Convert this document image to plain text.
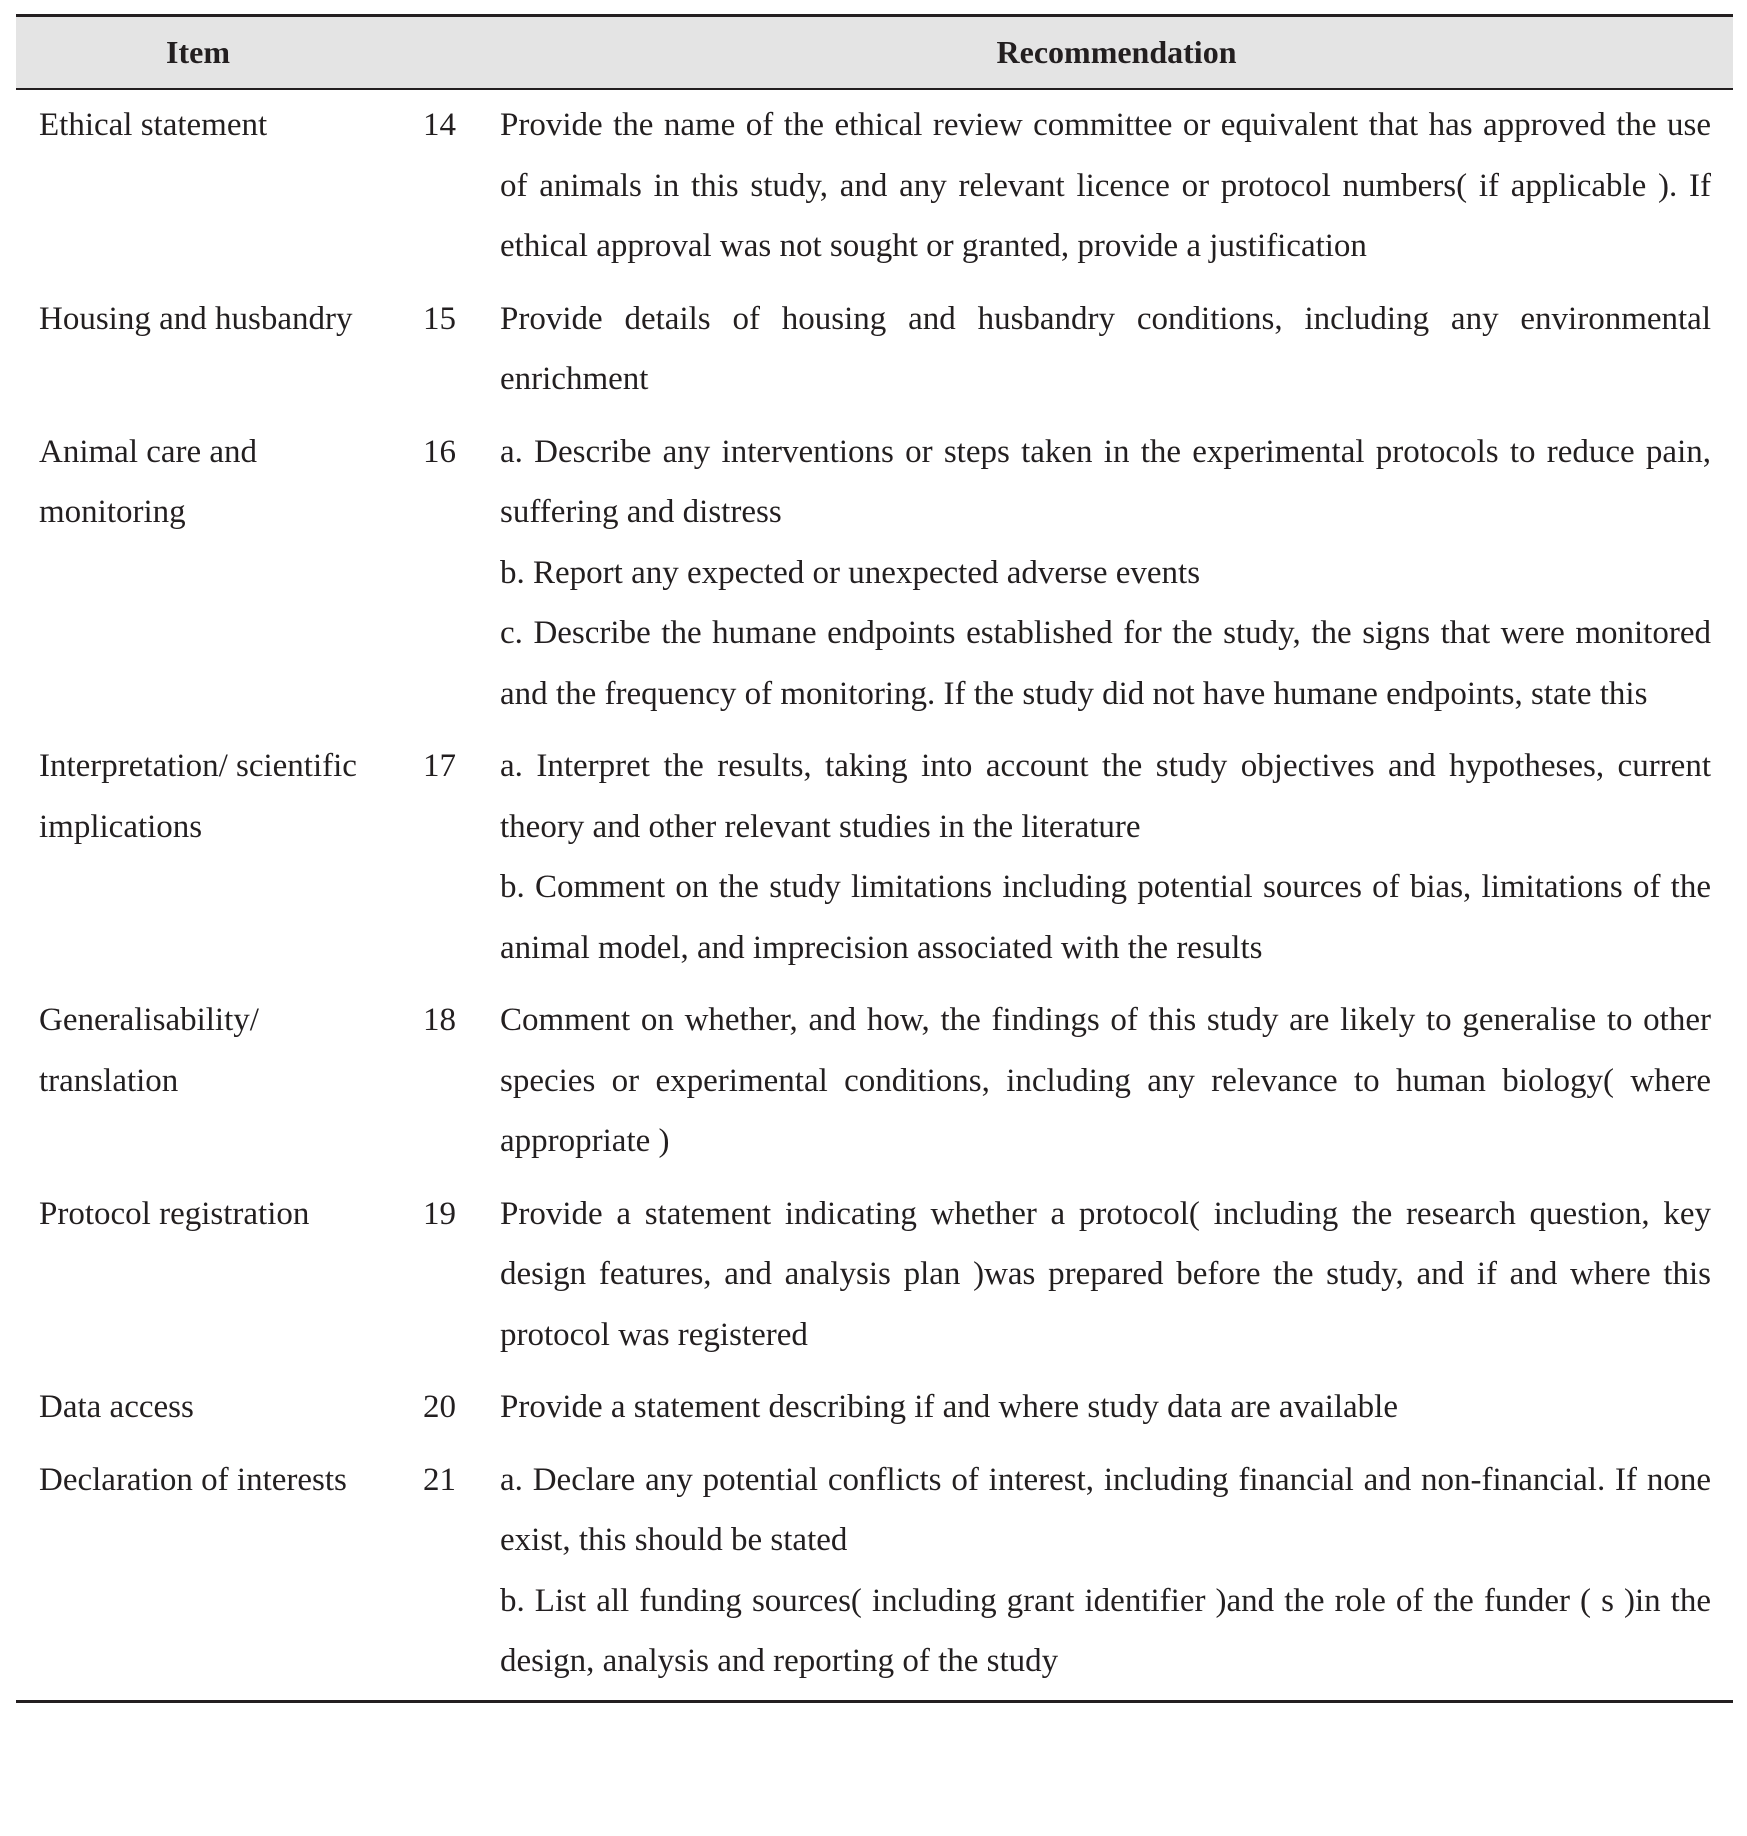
Item		Recommendation
Ethical statement	14	Provide the name of the ethical review committee or equivalent that has approved the use of animals in this study, and any relevant licence or protocol numbers( if applicable ). If ethical approval was not sought or granted, provide a justification

Housing and husbandry	15	Provide details of housing and husbandry conditions, including any environmental enrichment

Animal care and monitoring	16	a. Describe any interventions or steps taken in the experimental protocols to reduce pain, suffering and distress
b. Report any expected or unexpected adverse events
c. Describe the humane endpoints established for the study, the signs that were monitored and the frequency of monitoring. If the study did not have humane endpoints, state this

Interpretation/ scientific implications	17	a. Interpret the results, taking into account the study objectives and hypotheses, current theory and other relevant studies in the literature
b. Comment on the study limitations including potential sources of bias, limitations of the animal model, and imprecision associated with the results

Generalisability/ translation	18	Comment on whether, and how, the findings of this study are likely to generalise to other species or experimental conditions, including any relevance to human biology( where appropriate )

Protocol registration	19	Provide a statement indicating whether a protocol( including the research question, key design features, and analysis plan )was prepared before the study, and if and where this protocol was registered

Data access	20	Provide a statement describing if and where study data are available

Declaration of interests	21	a. Declare any potential conflicts of interest, including financial and non-financial. If none exist, this should be stated
b. List all funding sources( including grant identifier )and the role of the funder ( s )in the design, analysis and reporting of the study
